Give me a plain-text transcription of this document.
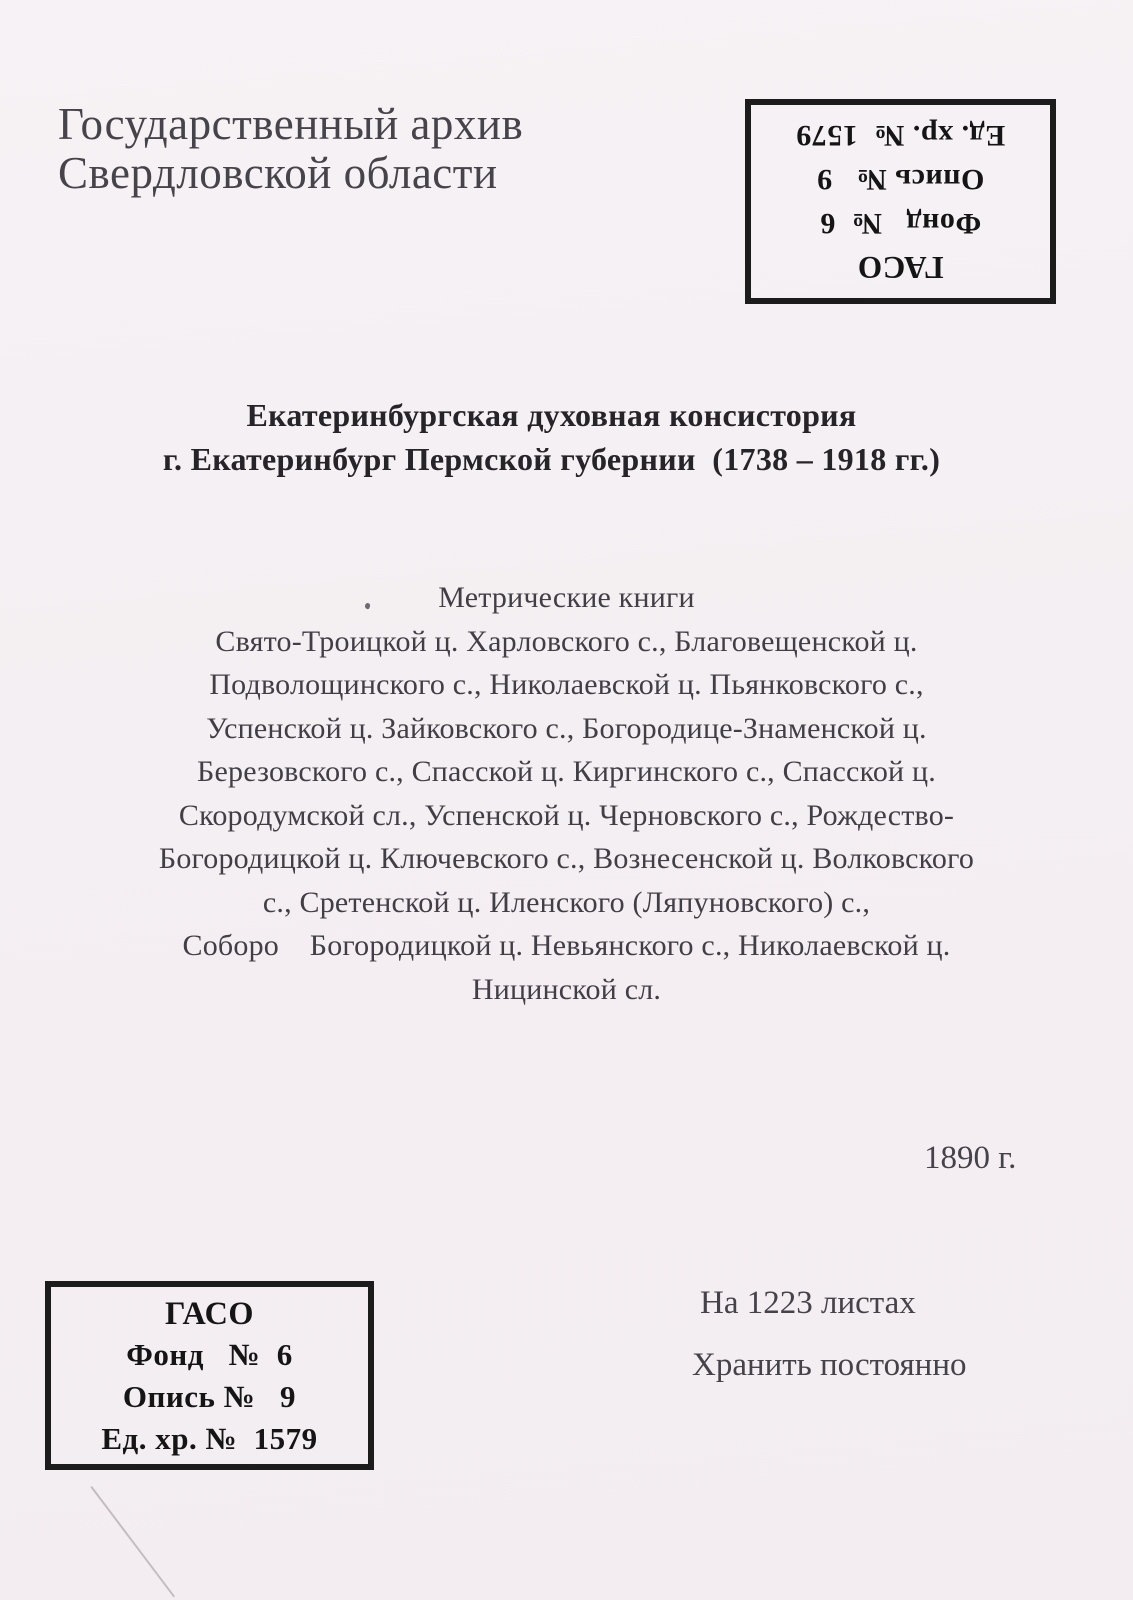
Государственный архив
Свердловской области
ГАСО
Фонд   №  6
Опись №   9
Ед. хр. №  1579
Екатеринбургская духовная консистория
г. Екатеринбург Пермской губернии  (1738 – 1918 гг.)
Метрические книги
Свято-Троицкой ц. Харловского с., Благовещенской ц.
Подволощинского с., Николаевской ц. Пьянковского с.,
Успенской ц. Зайковского с., Богородице-Знаменской ц.
Березовского с., Спасской ц. Киргинского с., Спасской ц.
Скородумской сл., Успенской ц. Черновского с., Рождество-
Богородицкой ц. Ключевского с., Вознесенской ц. Волковского
с., Сретенской ц. Иленского (Ляпуновского) с.,
Соборо    Богородицкой ц. Невьянского с., Николаевской ц.
Ницинской сл.
1890 г.
ГАСО
Фонд   №  6
Опись №   9
Ед. хр. №  1579
На 1223 листах
Хранить постоянно
